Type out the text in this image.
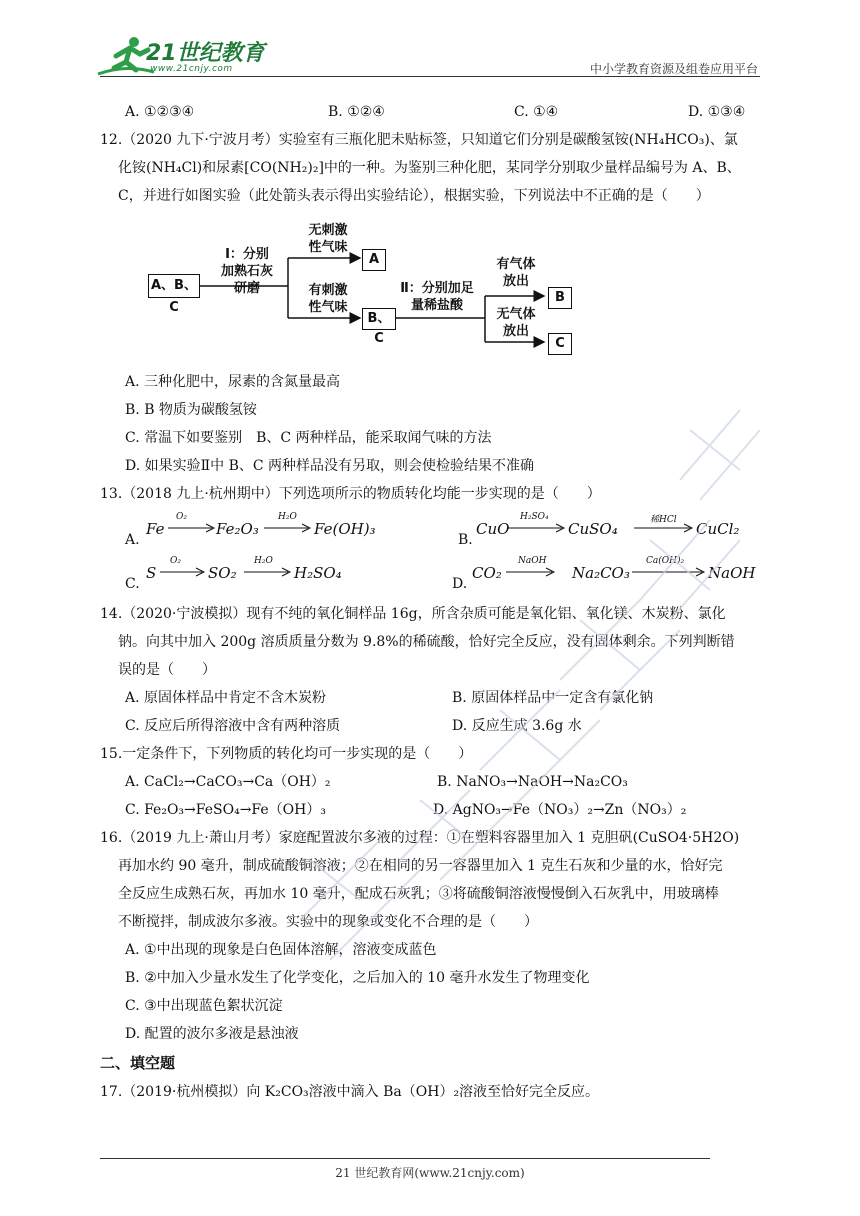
21世纪教育
www.21cnjy.com	中小学教育资源及组卷应用平台
A. ①②③④	B. ①②④	C. ①④	D. ①③④
12.（2020 九下·宁波月考）实验室有三瓶化肥未贴标签，只知道它们分别是碳酸氢铵(NH₄HCO₃)、氯
化铵(NH₄Cl)和尿素[CO(NH₂)₂]中的一种。为鉴别三种化肥，某同学分别取少量样品编号为 A、B、
C，并进行如图实验（此处箭头表示得出实验结论），根据实验，下列说法中不正确的是（　　）
A、B、C
Ⅰ：分别
加熟石灰
研磨
无刺激
性气味
A
有刺激
性气味
B、C
Ⅱ：分别加足
量稀盐酸
有气体
放出
B
无气体
放出
C
A. 三种化肥中，尿素的含氮量最高
B. B 物质为碳酸氢铵
C. 常温下如要鉴别　B、C 两种样品，能采取闻气味的方法
D. 如果实验Ⅱ中 B、C 两种样品没有另取，则会使检验结果不准确
13.（2018 九上·杭州期中）下列选项所示的物质转化均能一步实现的是（　　）
A.
Fe
O₂
Fe₂O₃
H₂O
Fe(OH)₃
B.
CuO
H₂SO₄
CuSO₄	稀HCl CuCl₂
C.
S
O₂
SO₂
H₂O
H₂SO₄
D.
CO₂
NaOH
Na₂CO₃
Ca(OH)₂
NaOH
14.（2020·宁波模拟）现有不纯的氧化铜样品 16g，所含杂质可能是氧化铝、氧化镁、木炭粉、氯化
钠。向其中加入 200g 溶质质量分数为 9.8%的稀硫酸，恰好完全反应，没有固体剩余。下列判断错
误的是（　　）
A. 原固体样品中肯定不含木炭粉	B. 原固体样品中一定含有氯化钠
C. 反应后所得溶液中含有两种溶质	D. 反应生成 3.6g 水
15.一定条件下，下列物质的转化均可一步实现的是（　　）
A. CaCl₂→CaCO₃→Ca（OH）₂	B. NaNO₃→NaOH→Na₂CO₃
C. Fe₂O₃→FeSO₄→Fe（OH）₃	D. AgNO₃→Fe（NO₃）₂→Zn（NO₃）₂
16.（2019 九上·萧山月考）家庭配置波尔多液的过程：①在塑料容器里加入 1 克胆矾(CuSO4·5H2O)
再加水约 90 毫升，制成硫酸铜溶液；②在相同的另一容器里加入 1 克生石灰和少量的水，恰好完
全反应生成熟石灰，再加水 10 毫升，配成石灰乳；③将硫酸铜溶液慢慢倒入石灰乳中，用玻璃棒
不断搅拌，制成波尔多液。实验中的现象或变化不合理的是（　　）
A. ①中出现的现象是白色固体溶解，溶液变成蓝色
B. ②中加入少量水发生了化学变化，之后加入的 10 毫升水发生了物理变化
C. ③中出现蓝色絮状沉淀
D. 配置的波尔多液是悬浊液
二、填空题
17.（2019·杭州模拟）向 K₂CO₃溶液中滴入 Ba（OH）₂溶液至恰好完全反应。
21 世纪教育网(www.21cnjy.com)
